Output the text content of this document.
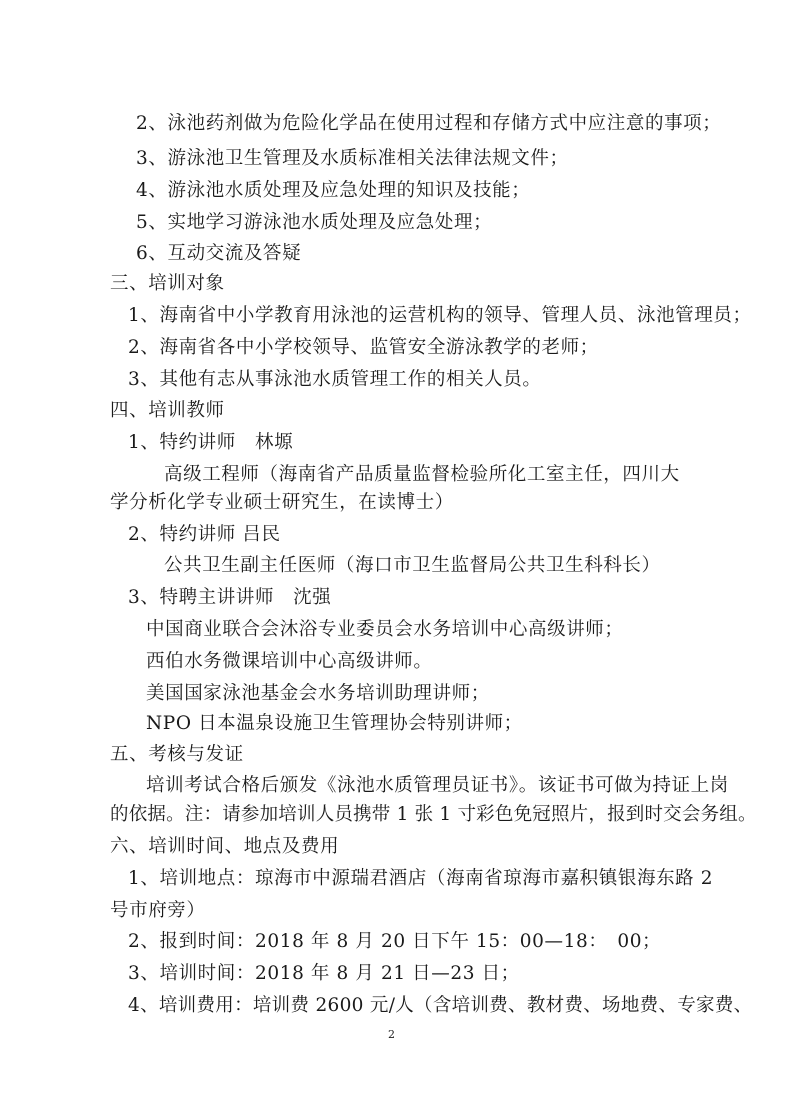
2、泳池药剂做为危险化学品在使用过程和存储方式中应注意的事项；
3、游泳池卫生管理及水质标准相关法律法规文件；
4、游泳池水质处理及应急处理的知识及技能；
5、实地学习游泳池水质处理及应急处理；
6、互动交流及答疑
三、培训对象
1、海南省中小学教育用泳池的运营机构的领导、管理人员、泳池管理员；
2、海南省各中小学校领导、监管安全游泳教学的老师；
3、其他有志从事泳池水质管理工作的相关人员。
四、培训教师
1、特约讲师　林塬
高级工程师（海南省产品质量监督检验所化工室主任，四川大
学分析化学专业硕士研究生，在读博士）
2、特约讲师 吕民
公共卫生副主任医师（海口市卫生监督局公共卫生科科长）
3、特聘主讲讲师　沈强
中国商业联合会沐浴专业委员会水务培训中心高级讲师；
西伯水务微课培训中心高级讲师。
美国国家泳池基金会水务培训助理讲师；
NPO 日本温泉设施卫生管理协会特别讲师；
五、考核与发证
培训考试合格后颁发《泳池水质管理员证书》。该证书可做为持证上岗
的依据。注：请参加培训人员携带 1 张 1 寸彩色免冠照片，报到时交会务组。
六、培训时间、地点及费用
1、培训地点：琼海市中源瑞君酒店（海南省琼海市嘉积镇银海东路 2
号市府旁）
2、报到时间：2018 年 8 月 20 日下午 15：00—18：　00；
3、培训时间：2018 年 8 月 21 日—23 日；
4、培训费用：培训费 2600 元/人（含培训费、教材费、场地费、专家费、
2
